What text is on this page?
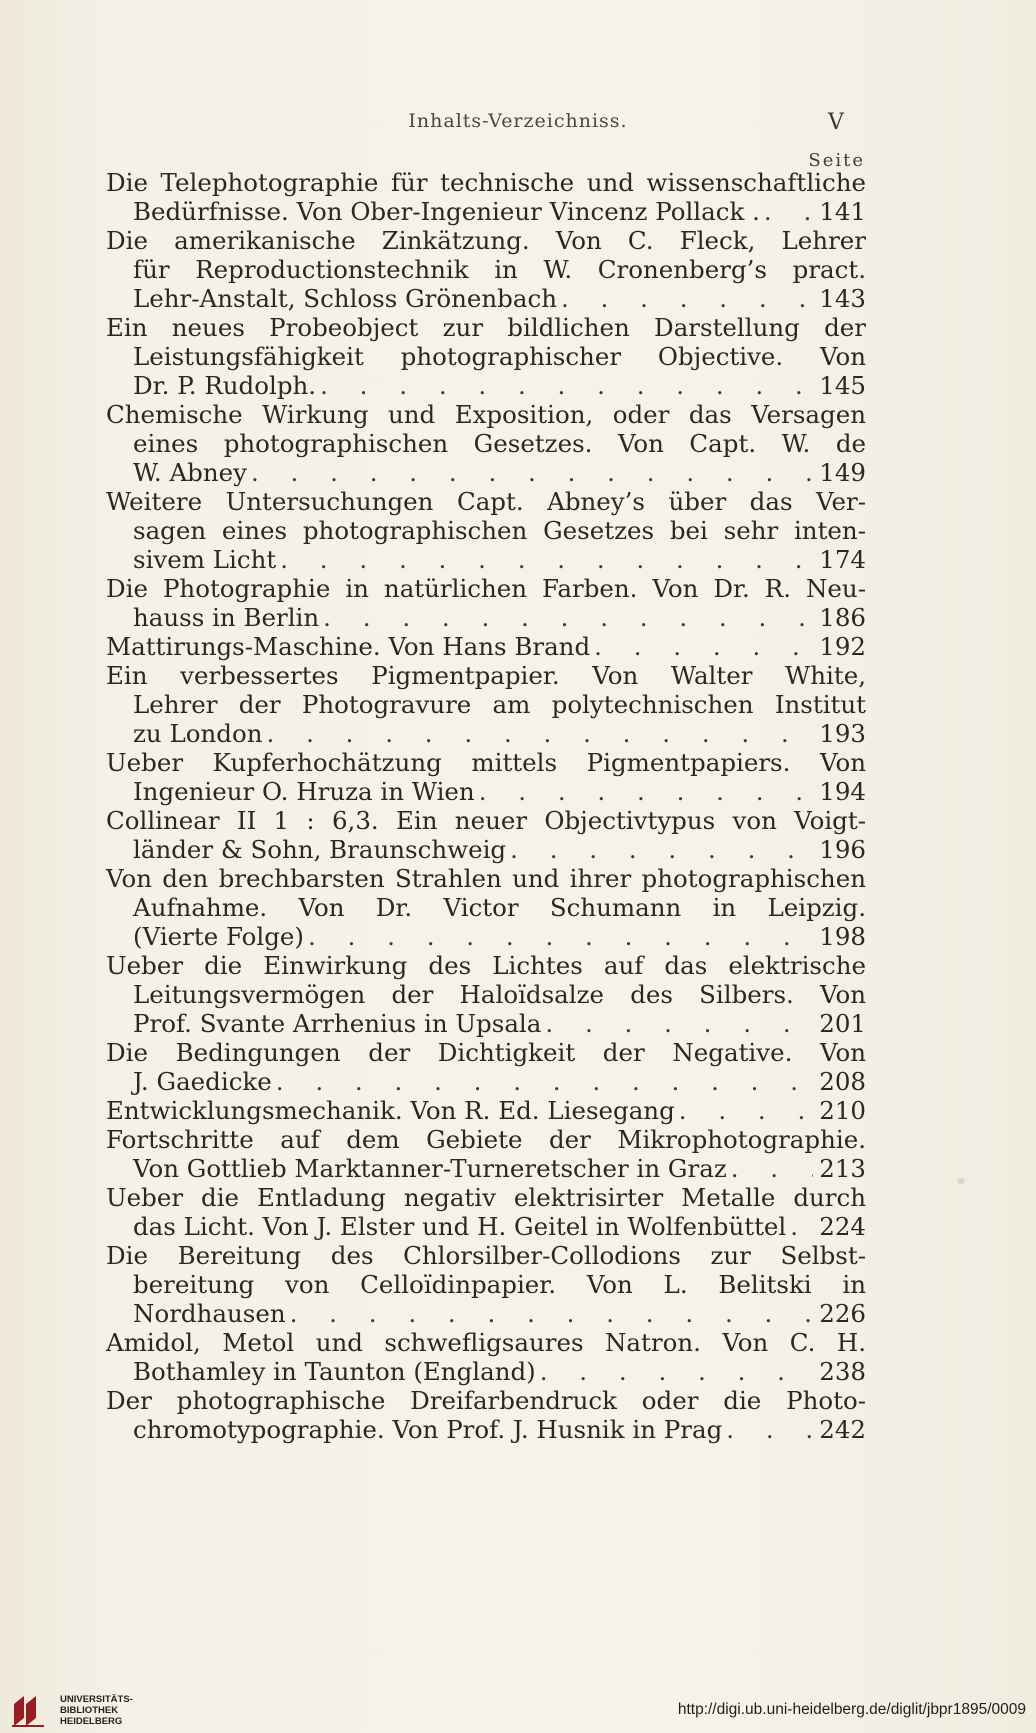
Inhalts-Verzeichniss.	V
Seite
Die Telephotographie für technische und wissenschaftliche
Bedürfnisse. Von Ober-Ingenieur Vincenz Pollack . . . . 141
Die amerikanische Zinkätzung. Von C. Fleck, Lehrer
für Reproductionstechnik in W. Cronenberg’s pract.
Lehr-Anstalt, Schloss Grönenbach . . .	143
Ein neues Probeobject zur bildlichen Darstellung der
Leistungsfähigkeit photographischer Objective. Von
Dr. P. Rudolph. . . .	145
Chemische Wirkung und Exposition, oder das Versagen
eines photographischen Gesetzes. Von Capt. W. de
W. Abney . . .	149
Weitere Untersuchungen Capt. Abney’s über das Ver-
sagen eines photographischen Gesetzes bei sehr inten-
sivem Licht . . .	174
Die Photographie in natürlichen Farben. Von Dr. R. Neu-
hauss in Berlin . . .	186
Mattirungs-Maschine. Von Hans Brand . . .	192
Ein verbessertes Pigmentpapier. Von Walter White,
Lehrer der Photogravure am polytechnischen Institut
zu London . . .	193
Ueber Kupferhochätzung mittels Pigmentpapiers. Von
Ingenieur O. Hruza in Wien . . .	194
Collinear II 1 : 6,3. Ein neuer Objectivtypus von Voigt-
länder & Sohn, Braunschweig . . .	196
Von den brechbarsten Strahlen und ihrer photographischen
Aufnahme. Von Dr. Victor Schumann in Leipzig.
(Vierte Folge) . . .	198
Ueber die Einwirkung des Lichtes auf das elektrische
Leitungsvermögen der Haloïdsalze des Silbers. Von
Prof. Svante Arrhenius in Upsala . . .	201
Die Bedingungen der Dichtigkeit der Negative. Von
J. Gaedicke . . .	208
Entwicklungsmechanik. Von R. Ed. Liesegang . . .	210
Fortschritte auf dem Gebiete der Mikrophotographie.
Von Gottlieb Marktanner-Turneretscher in Graz . . .	213
Ueber die Entladung negativ elektrisirter Metalle durch
das Licht. Von J. Elster und H. Geitel in Wolfenbüttel . . . 224
Die Bereitung des Chlorsilber-Collodions zur Selbst-
bereitung von Celloïdinpapier. Von L. Belitski in
Nordhausen . . .	226
Amidol, Metol und schwefligsaures Natron. Von C. H.
Bothamley in Taunton (England) . . .	238
Der photographische Dreifarbendruck oder die Photo-
chromotypographie. Von Prof. J. Husnik in Prag . . .	242
UNIVERSITÄTS-
BIBLIOTHEK
HEIDELBERG
http://digi.ub.uni-heidelberg.de/diglit/jbpr1895/0009
